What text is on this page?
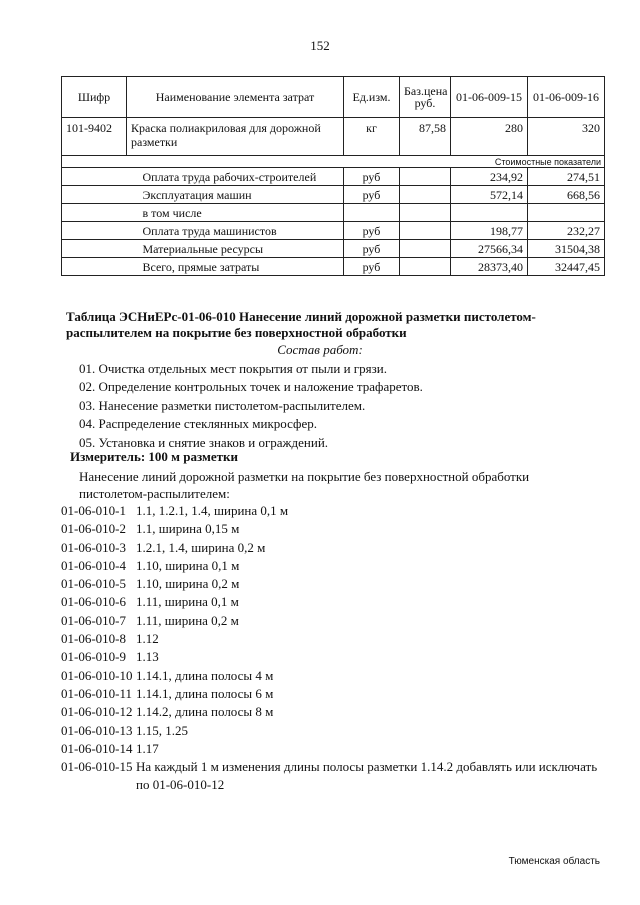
152
Шифр	Наименование элемента затрат	Ед.изм.	Баз.цена
руб.	01-06-009-15	01-06-009-16
101-9402	Краска полиакриловая для дорожной разметки	кг	87,58	280	320
Стоимостные показатели					
	Оплата труда рабочих-строителей	руб		234,92	274,51
	Эксплуатация машин	руб		572,14	668,56
	в том числе				
	Оплата труда машинистов	руб		198,77	232,27
	Материальные ресурсы	руб		27566,34	31504,38
	Всего, прямые затраты	руб		28373,40	32447,45
Таблица ЭСНиЕРс-01-06-010 Нанесение линий дорожной разметки пистолетом-распылителем на покрытие без поверхностной обработки
Состав работ:
01. Очистка отдельных мест покрытия от пыли и грязи.
02. Определение контрольных точек и наложение трафаретов.
03. Нанесение разметки пистолетом-распылителем.
04. Распределение стеклянных микросфер.
05. Установка и снятие знаков и ограждений.
Измеритель: 100 м разметки
Нанесение линий дорожной разметки на покрытие без поверхностной обработки пистолетом-распылителем:
01-06-010-1 1.1, 1.2.1, 1.4, ширина 0,1 м
01-06-010-2 1.1, ширина 0,15 м
01-06-010-3 1.2.1, 1.4, ширина 0,2 м
01-06-010-4 1.10, ширина 0,1 м
01-06-010-5 1.10, ширина 0,2 м
01-06-010-6 1.11, ширина 0,1 м
01-06-010-7 1.11, ширина 0,2 м
01-06-010-8 1.12
01-06-010-9 1.13
01-06-010-10 1.14.1, длина полосы 4 м
01-06-010-11 1.14.1, длина полосы 6 м
01-06-010-12 1.14.2, длина полосы 8 м
01-06-010-13 1.15, 1.25
01-06-010-14 1.17
01-06-010-15 На каждый 1 м изменения длины полосы разметки 1.14.2 добавлять или исключать
по 01-06-010-12
Тюменская область
